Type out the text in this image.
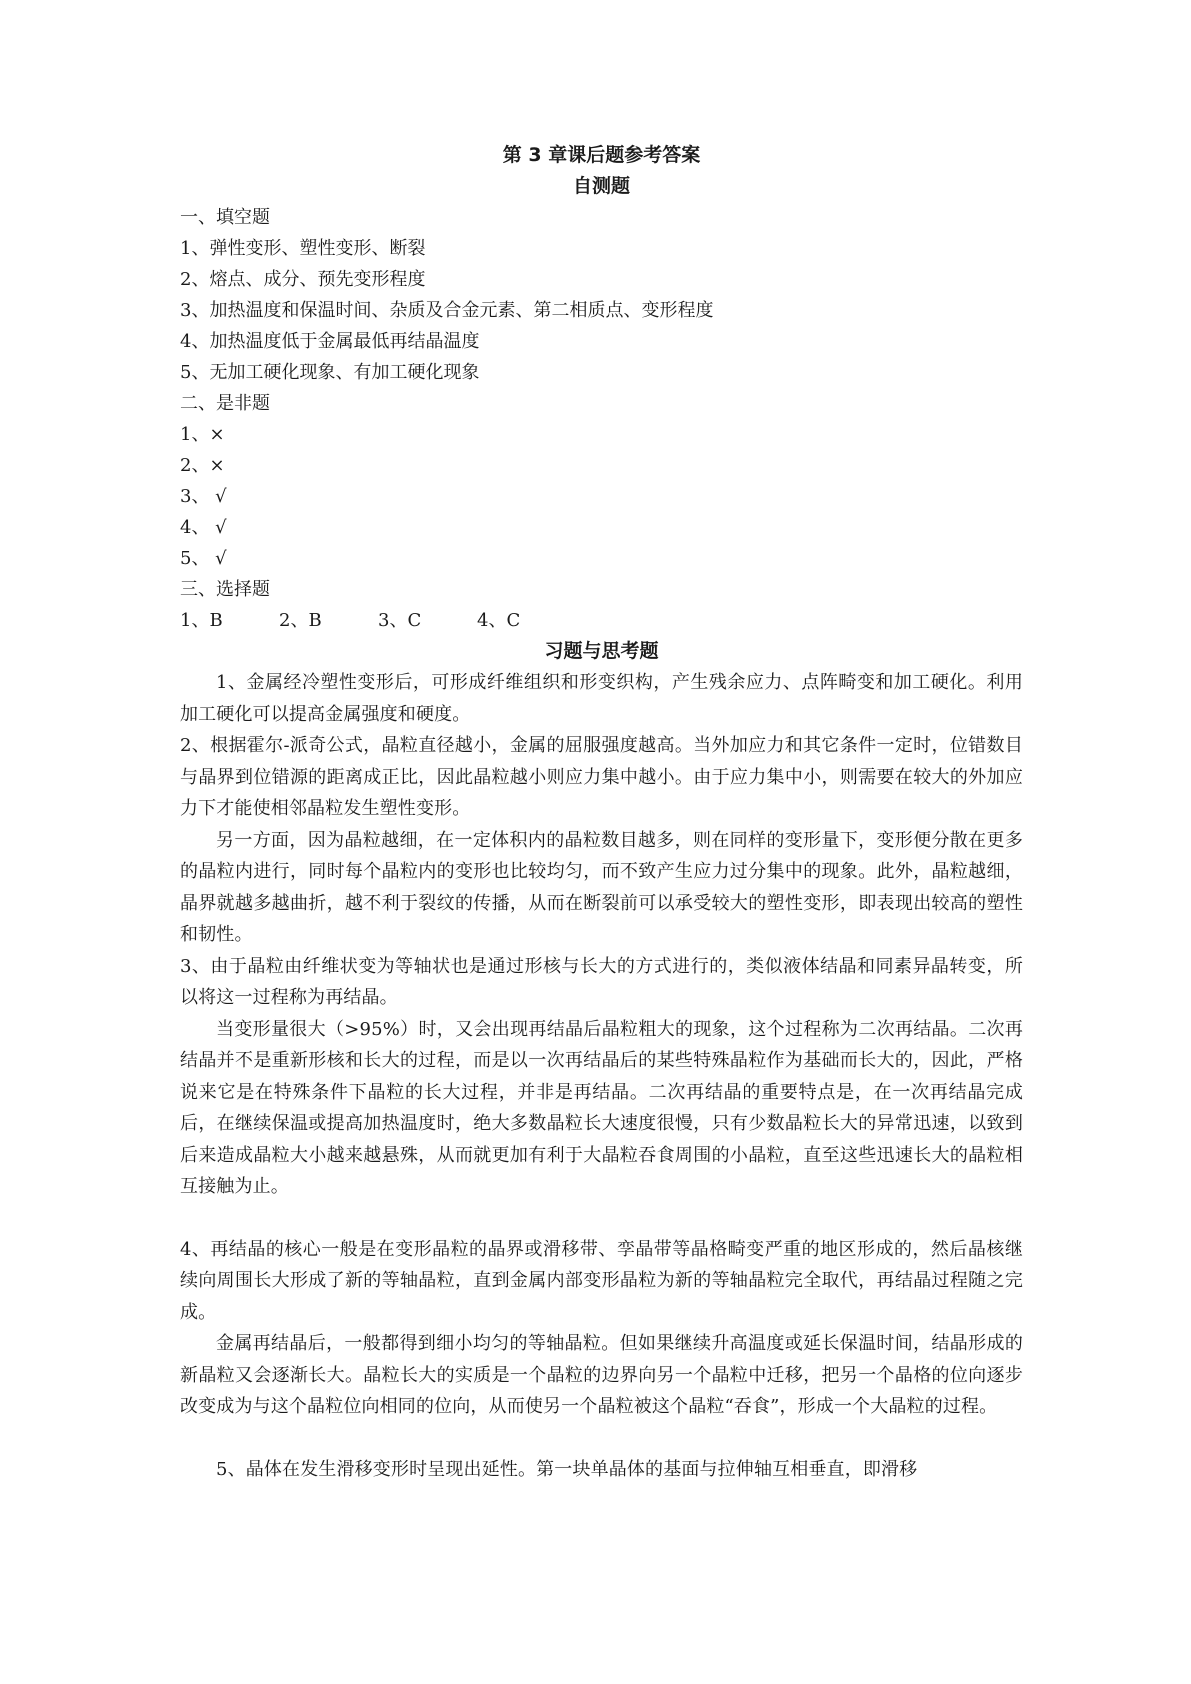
第 3 章课后题参考答案
自测题

一、填空题

1、弹性变形、塑性变形、断裂

2、熔点、成分、预先变形程度

3、加热温度和保温时间、杂质及合金元素、第二相质点、变形程度

4、加热温度低于金属最低再结晶温度

5、无加工硬化现象、有加工硬化现象

二、是非题

1、×

2、×

3、 √

4、 √

5、 √

三、选择题

1、B	2、B	3、C	4、C
习题与思考题

1、金属经冷塑性变形后，可形成纤维组织和形变织构，产生残余应力、点阵畸变和加工硬化。利用加工硬化可以提高金属强度和硬度。

2、根据霍尔-派奇公式，晶粒直径越小，金属的屈服强度越高。当外加应力和其它条件一定时，位错数目与晶界到位错源的距离成正比，因此晶粒越小则应力集中越小。由于应力集中小，则需要在较大的外加应力下才能使相邻晶粒发生塑性变形。

另一方面，因为晶粒越细，在一定体积内的晶粒数目越多，则在同样的变形量下，变形便分散在更多的晶粒内进行，同时每个晶粒内的变形也比较均匀，而不致产生应力过分集中的现象。此外，晶粒越细，晶界就越多越曲折，越不利于裂纹的传播，从而在断裂前可以承受较大的塑性变形，即表现出较高的塑性和韧性。

3、由于晶粒由纤维状变为等轴状也是通过形核与长大的方式进行的，类似液体结晶和同素异晶转变，所以将这一过程称为再结晶。

当变形量很大（>95%）时，又会出现再结晶后晶粒粗大的现象，这个过程称为二次再结晶。二次再结晶并不是重新形核和长大的过程，而是以一次再结晶后的某些特殊晶粒作为基础而长大的，因此，严格说来它是在特殊条件下晶粒的长大过程，并非是再结晶。二次再结晶的重要特点是，在一次再结晶完成后，在继续保温或提高加热温度时，绝大多数晶粒长大速度很慢，只有少数晶粒长大的异常迅速，以致到后来造成晶粒大小越来越悬殊，从而就更加有利于大晶粒吞食周围的小晶粒，直至这些迅速长大的晶粒相互接触为止。

4、再结晶的核心一般是在变形晶粒的晶界或滑移带、孪晶带等晶格畸变严重的地区形成的，然后晶核继续向周围长大形成了新的等轴晶粒，直到金属内部变形晶粒为新的等轴晶粒完全取代，再结晶过程随之完成。

金属再结晶后，一般都得到细小均匀的等轴晶粒。但如果继续升高温度或延长保温时间，结晶形成的新晶粒又会逐渐长大。晶粒长大的实质是一个晶粒的边界向另一个晶粒中迁移，把另一个晶格的位向逐步改变成为与这个晶粒位向相同的位向，从而使另一个晶粒被这个晶粒“吞食”，形成一个大晶粒的过程。

5、晶体在发生滑移变形时呈现出延性。第一块单晶体的基面与拉伸轴互相垂直，即滑移
